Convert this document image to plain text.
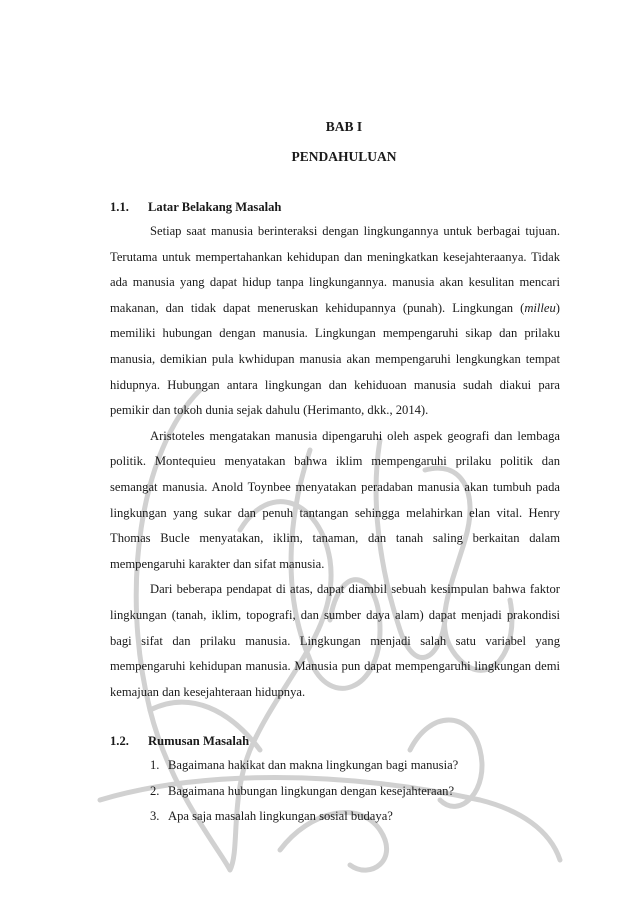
BAB I

PENDAHULUAN

1.1.	Latar Belakang Masalah

Setiap saat manusia berinteraksi dengan lingkungannya untuk berbagai tujuan. Terutama untuk mempertahankan kehidupan dan meningkatkan kesejahteraanya. Tidak ada manusia yang dapat hidup tanpa lingkungannya. manusia akan kesulitan mencari makanan, dan tidak dapat meneruskan kehidupannya (punah). Lingkungan (milleu) memiliki hubungan dengan manusia. Lingkungan mempengaruhi sikap dan prilaku manusia, demikian pula kwhidupan manusia akan mempengaruhi lengkungkan tempat hidupnya. Hubungan antara lingkungan dan kehiduoan manusia sudah diakui para pemikir dan tokoh dunia sejak dahulu (Herimanto, dkk., 2014).

Aristoteles mengatakan manusia dipengaruhi oleh aspek geografi dan lembaga politik. Montequieu menyatakan bahwa iklim mempengaruhi prilaku politik dan semangat manusia. Anold Toynbee menyatakan peradaban manusia akan tumbuh pada lingkungan yang sukar dan penuh tantangan sehingga melahirkan elan vital. Henry Thomas Bucle menyatakan, iklim, tanaman, dan tanah saling berkaitan dalam mempengaruhi karakter dan sifat manusia.

Dari beberapa pendapat di atas, dapat diambil sebuah kesimpulan bahwa faktor lingkungan (tanah, iklim, topografi, dan sumber daya alam) dapat menjadi prakondisi bagi sifat dan prilaku manusia. Lingkungan menjadi salah satu variabel yang mempengaruhi kehidupan manusia. Manusia pun dapat mempengaruhi lingkungan demi kemajuan dan kesejahteraan hidupnya.

1.2.	Rumusan Masalah
1. Bagaimana hakikat dan makna lingkungan bagi manusia?
2. Bagaimana hubungan lingkungan dengan kesejahteraan?
3. Apa saja masalah lingkungan sosial budaya?
